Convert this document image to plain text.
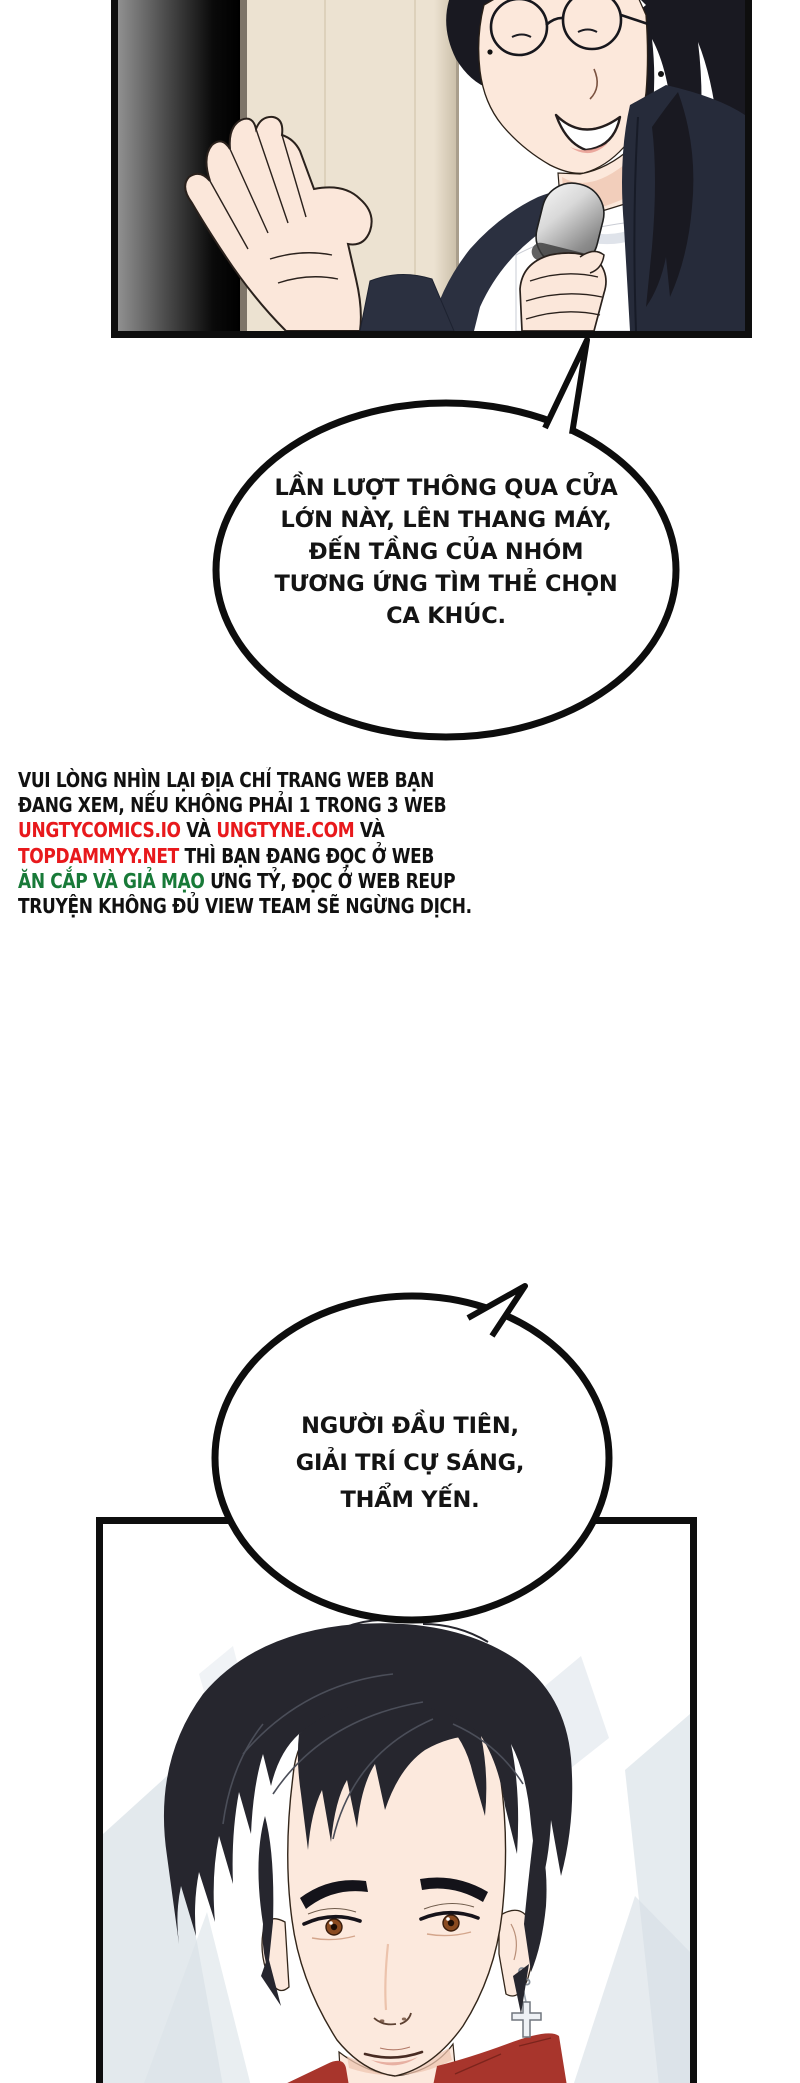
LẦN LƯỢT THÔNG QUA CỬA
LỚN NÀY, LÊN THANG MÁY,
ĐẾN TẦNG CỦA NHÓM
TƯƠNG ỨNG TÌM THẺ CHỌN
CA KHÚC.
VUI LÒNG NHÌN LẠI ĐỊA CHỈ TRANG WEB BẠN
ĐANG XEM, NẾU KHÔNG PHẢI 1 TRONG 3 WEB
UNGTYCOMICS.IO VÀ UNGTYNE.COM VÀ
TOPDAMMYY.NET THÌ BẠN ĐANG ĐỌC Ở WEB
ĂN CẮP VÀ GIẢ MẠO ƯNG TỶ, ĐỌC Ở WEB REUP
TRUYỆN KHÔNG ĐỦ VIEW TEAM SẼ NGỪNG DỊCH.
NGƯỜI ĐẦU TIÊN,
GIẢI TRÍ CỰ SÁNG,
THẨM YẾN.
